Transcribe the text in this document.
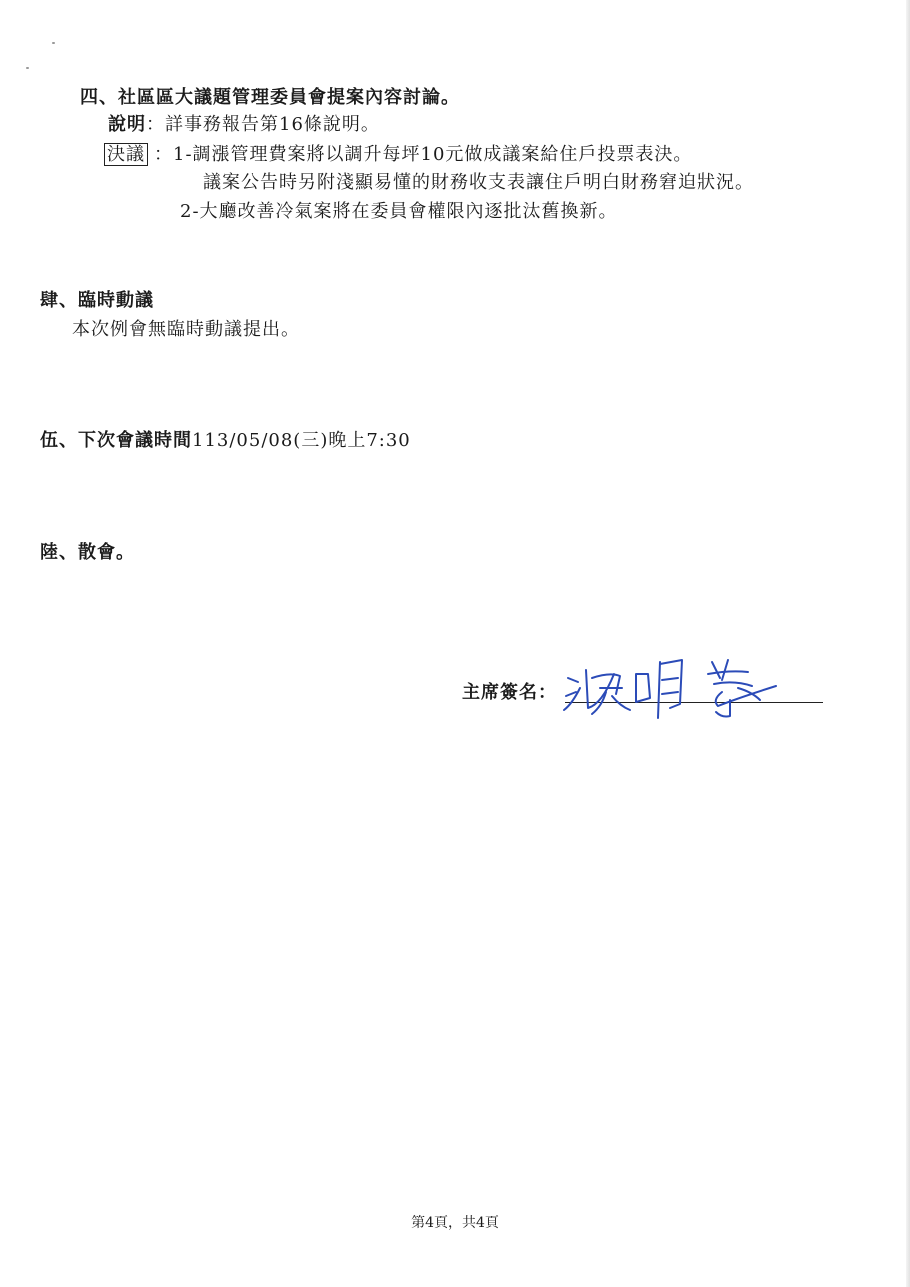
四、社區區大議題管理委員會提案內容討論。
說明：詳事務報告第16條說明。
決議 ：1-調漲管理費案將以調升每坪10元做成議案給住戶投票表決。
議案公告時另附淺顯易懂的財務收支表讓住戶明白財務窘迫狀況。
2-大廳改善冷氣案將在委員會權限內逐批汰舊換新。
肆、臨時動議
本次例會無臨時動議提出。
伍、下次會議時間113/05/08(三)晚上7:30
陸、散會。
主席簽名：
第4頁，共4頁
